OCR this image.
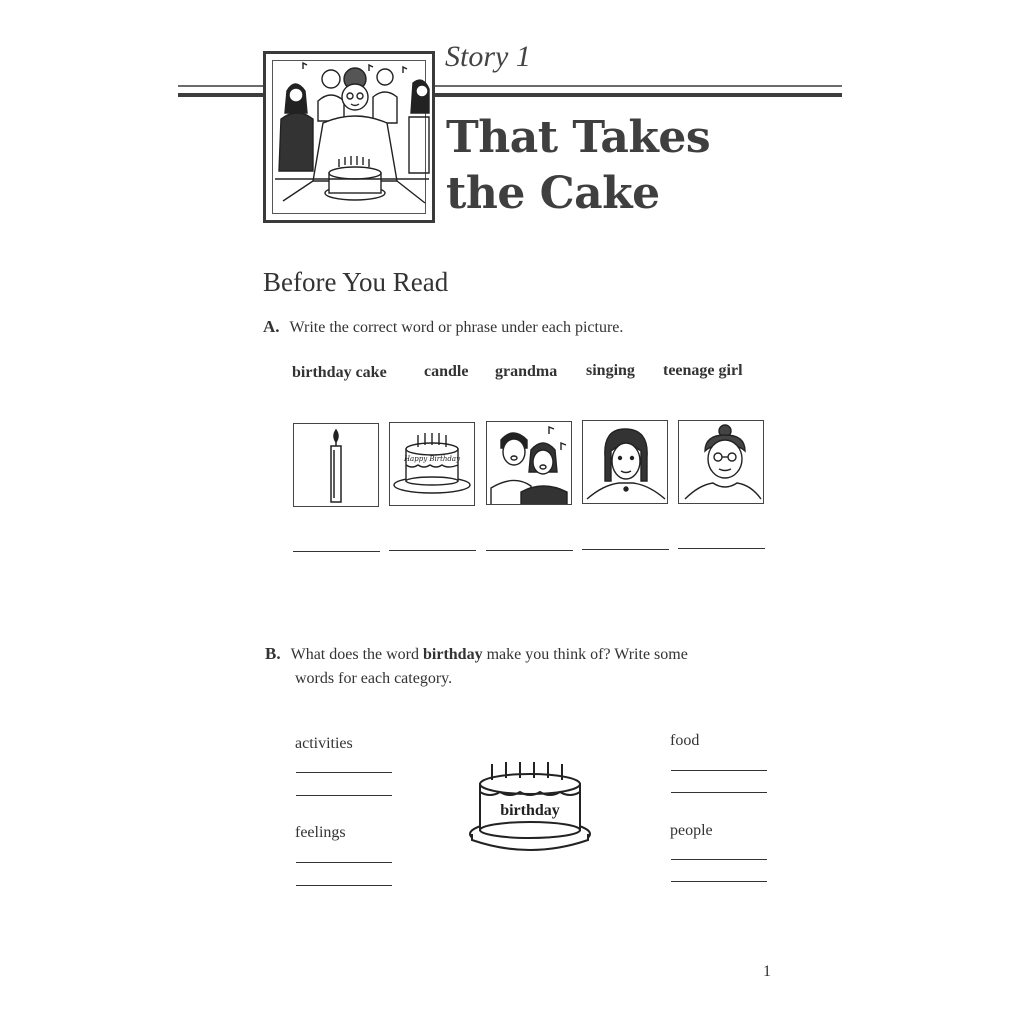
Story 1
That Takes
the Cake
Before You Read
A. Write the correct word or phrase under each picture.
birthday cake candle grandma singing teenage girl
Happy Birthday
B. What does the word birthday make you think of? Write some
words for each category.
activities
feelings
food
people
birthday
1
